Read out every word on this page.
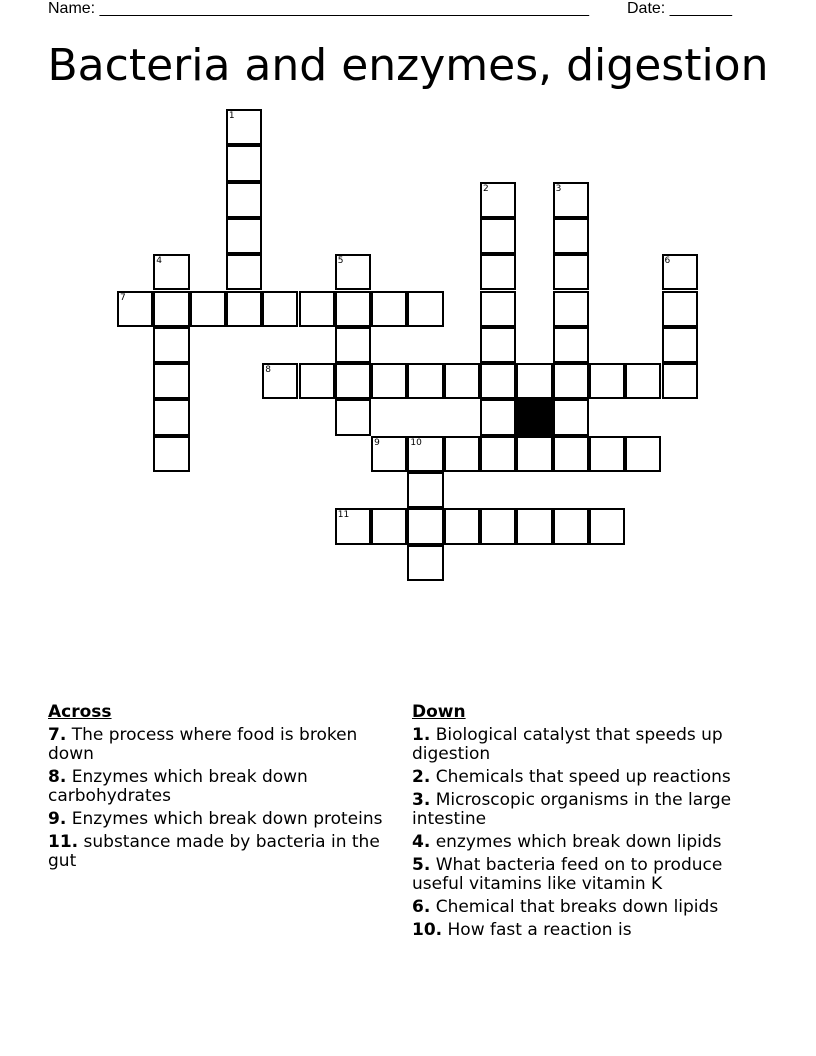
Name: _______________________________________________________

Date: _______

Bacteria and enzymes, digestion
1
2	3
4	5	6
7
8
9	10
11
Across
7. The process where food is broken down
8. Enzymes which break down carbohydrates
9. Enzymes which break down proteins
11. substance made by bacteria in the gut
Down
1. Biological catalyst that speeds up digestion
2. Chemicals that speed up reactions
3. Microscopic organisms in the large intestine
4. enzymes which break down lipids
5. What bacteria feed on to produce useful vitamins like vitamin K
6. Chemical that breaks down lipids
10. How fast a reaction is
